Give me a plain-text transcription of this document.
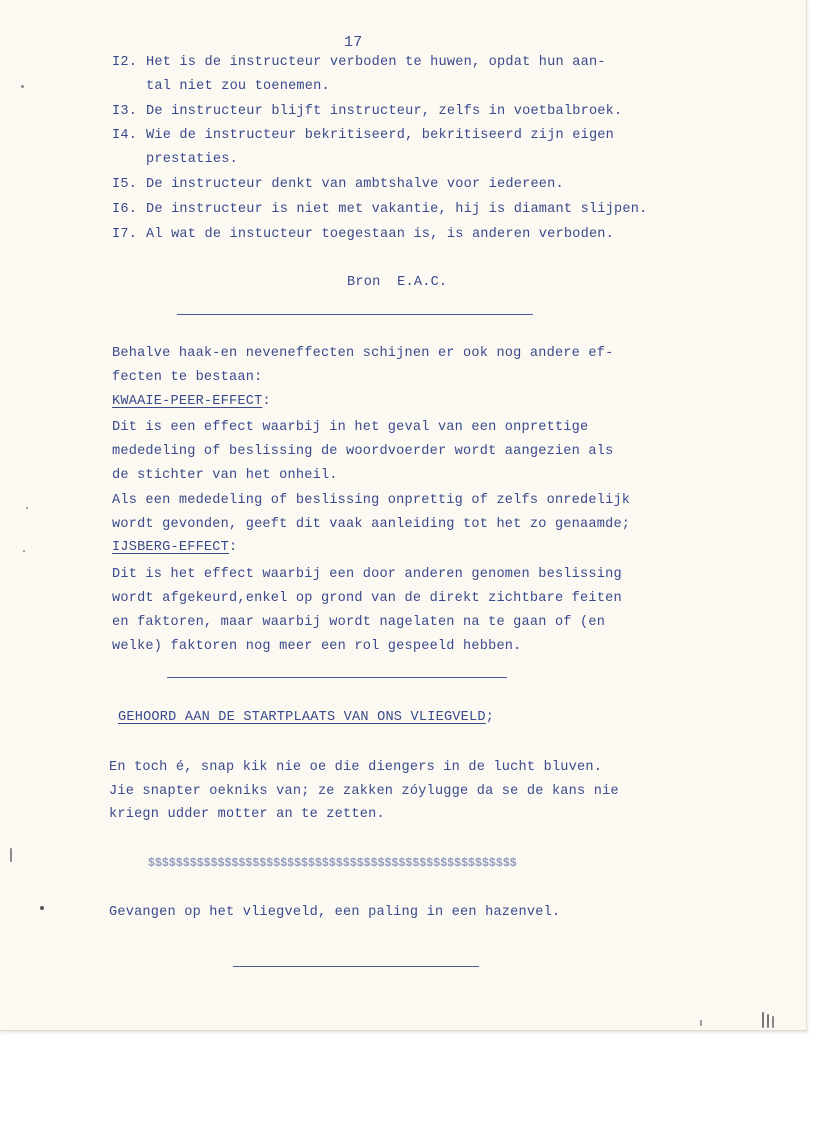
17
I2. Het is de instructeur verboden te huwen, opdat hun aan-
tal niet zou toenemen.
I3. De instructeur blijft instructeur, zelfs in voetbalbroek.
I4. Wie de instructeur bekritiseerd, bekritiseerd zijn eigen
prestaties.
I5. De instructeur denkt van ambtshalve voor iedereen.
I6. De instructeur is niet met vakantie, hij is diamant slijpen.
I7. Al wat de instucteur toegestaan is, is anderen verboden.
Bron  E.A.C.
Behalve haak-en neveneffecten schijnen er ook nog andere ef-
fecten te bestaan:
KWAAIE-PEER-EFFECT:
Dit is een effect waarbij in het geval van een onprettige
mededeling of beslissing de woordvoerder wordt aangezien als
de stichter van het onheil.
Als een mededeling of beslissing onprettig of zelfs onredelijk
wordt gevonden, geeft dit vaak aanleiding tot het zo genaamde;
IJSBERG-EFFECT:
Dit is het effect waarbij een door anderen genomen beslissing
wordt afgekeurd,enkel op grond van de direkt zichtbare feiten
en faktoren, maar waarbij wordt nagelaten na te gaan of (en
welke) faktoren nog meer een rol gespeeld hebben.
GEHOORD AAN DE STARTPLAATS VAN ONS VLIEGVELD;
En toch é, snap kik nie oe die diengers in de lucht bluven.
Jie snapter oekniks van; ze zakken zóylugge da se de kans nie
kriegn udder motter an te zetten.
$$$$$$$$$$$$$$$$$$$$$$$$$$$$$$$$$$$$$$$$$$$$$$$$$$$$$
Gevangen op het vliegveld, een paling in een hazenvel.
